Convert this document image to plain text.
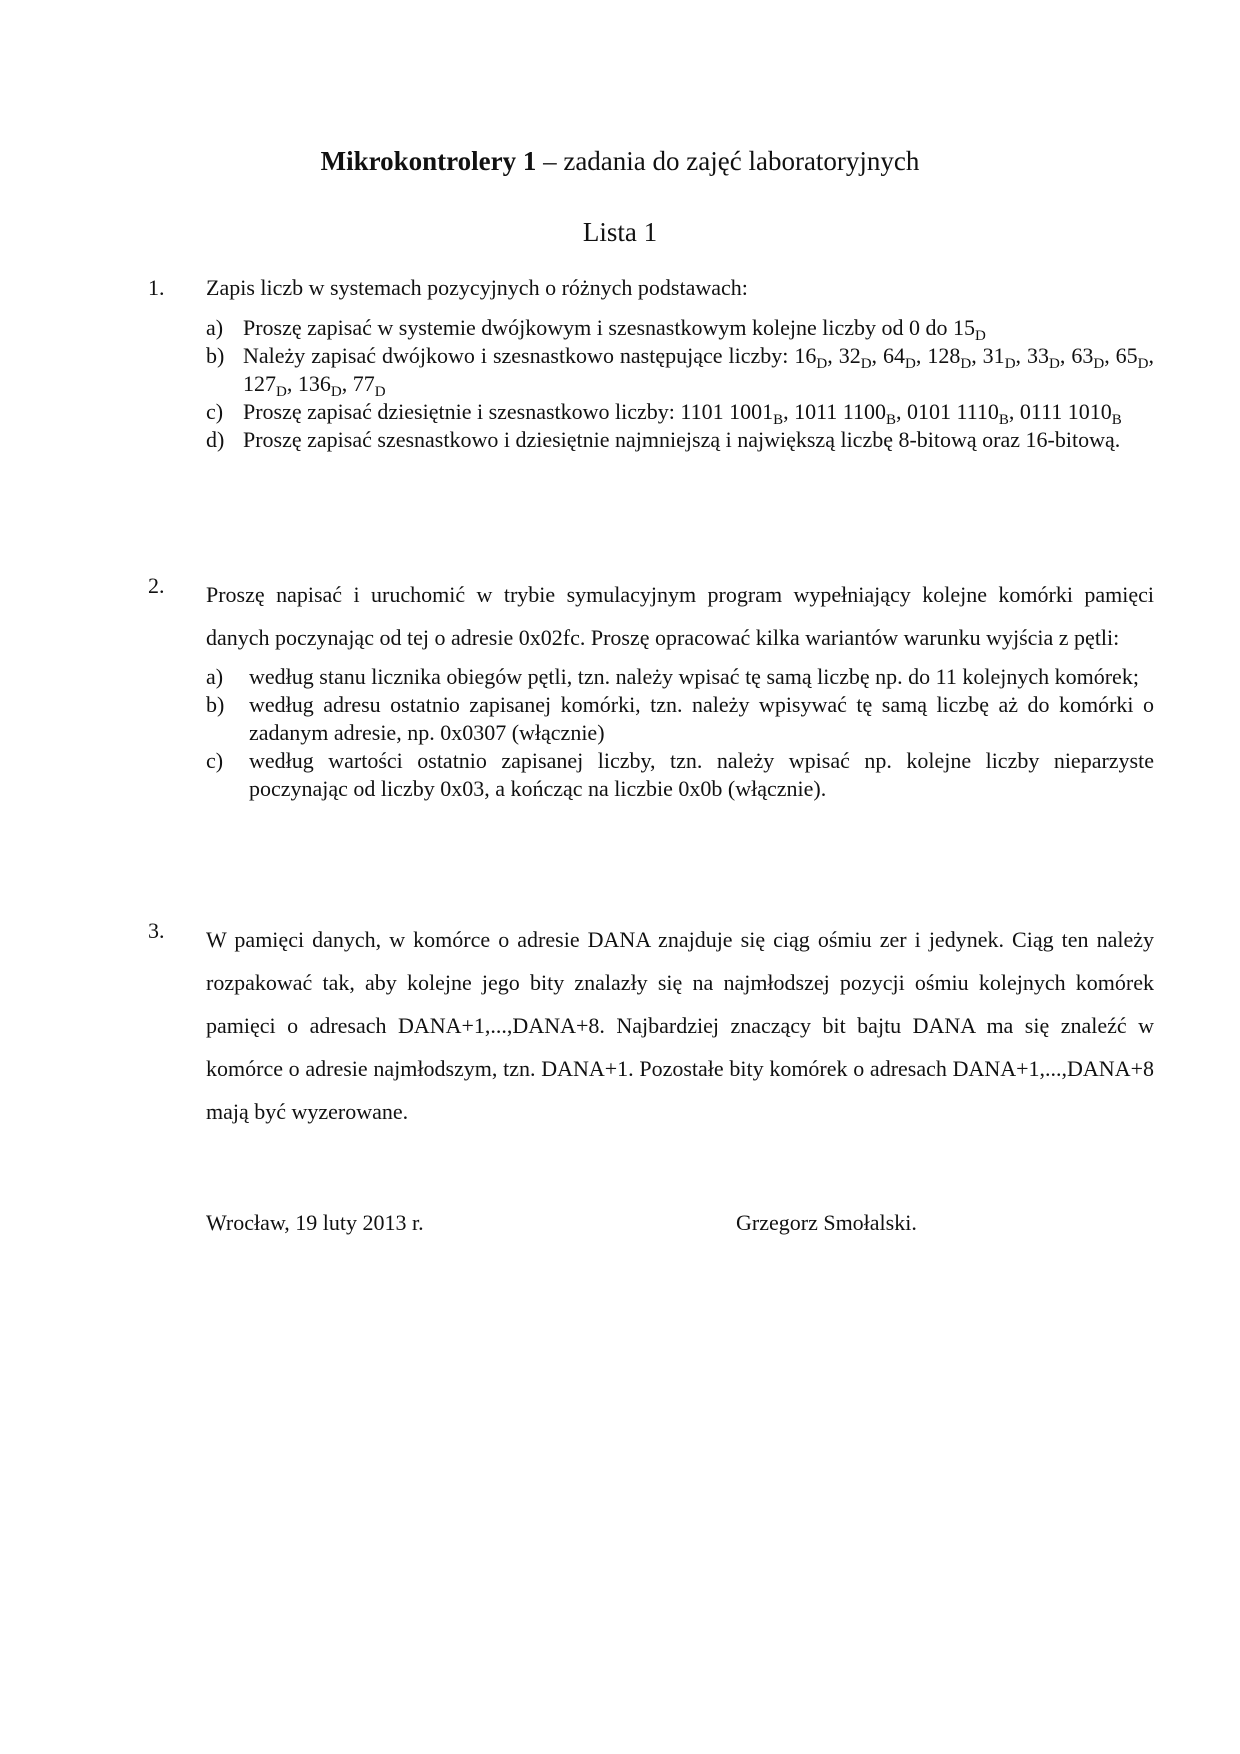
Mikrokontrolery 1 – zadania do zajęć laboratoryjnych
Lista 1
1. Zapis liczb w systemach pozycyjnych o różnych podstawach:
a) Proszę zapisać w systemie dwójkowym i szesnastkowym kolejne liczby od 0 do $15_D$
b) Należy zapisać dwójkowo i szesnastkowo następujące liczby: $16_D$, $32_D$, $64_D$, $128_D$, $31_D$, $33_D$, $63_D$, $65_D$, $127_D$, $136_D$, $77_D$
c) Proszę zapisać dziesiętnie i szesnastkowo liczby: 1101 $1001_B$, 1011 $1100_B$, 0101 $1110_B$, 0111 $1010_B$
d) Proszę zapisać szesnastkowo i dziesiętnie najmniejszą i największą liczbę 8-bitową oraz 16-bitową.
2. Proszę napisać i uruchomić w trybie symulacyjnym program wypełniający kolejne komórki pamięci danych poczynając od tej o adresie 0x02fc. Proszę opracować kilka wariantów warunku wyjścia z pętli:
a) według stanu licznika obiegów pętli, tzn. należy wpisać tę samą liczbę np. do 11 kolejnych komórek;
b) według adresu ostatnio zapisanej komórki, tzn. należy wpisywać tę samą liczbę aż do komórki o zadanym adresie, np. 0x0307 (włącznie)
c) według wartości ostatnio zapisanej liczby, tzn. należy wpisać np. kolejne liczby nieparzyste poczynając od liczby 0x03, a kończąc na liczbie 0x0b (włącznie).
3. W pamięci danych, w komórce o adresie DANA znajduje się ciąg ośmiu zer i jedynek. Ciąg ten należy rozpakować tak, aby kolejne jego bity znalazły się na najmłodszej pozycji ośmiu kolejnych komórek pamięci o adresach DANA+1,...,DANA+8. Najbardziej znaczący bit bajtu DANA ma się znaleźć w komórce o adresie najmłodszym, tzn. DANA+1. Pozostałe bity komórek o adresach DANA+1,...,DANA+8 mają być wyzerowane.
Wrocław, 19 luty 2013 r.	Grzegorz Smołalski.
